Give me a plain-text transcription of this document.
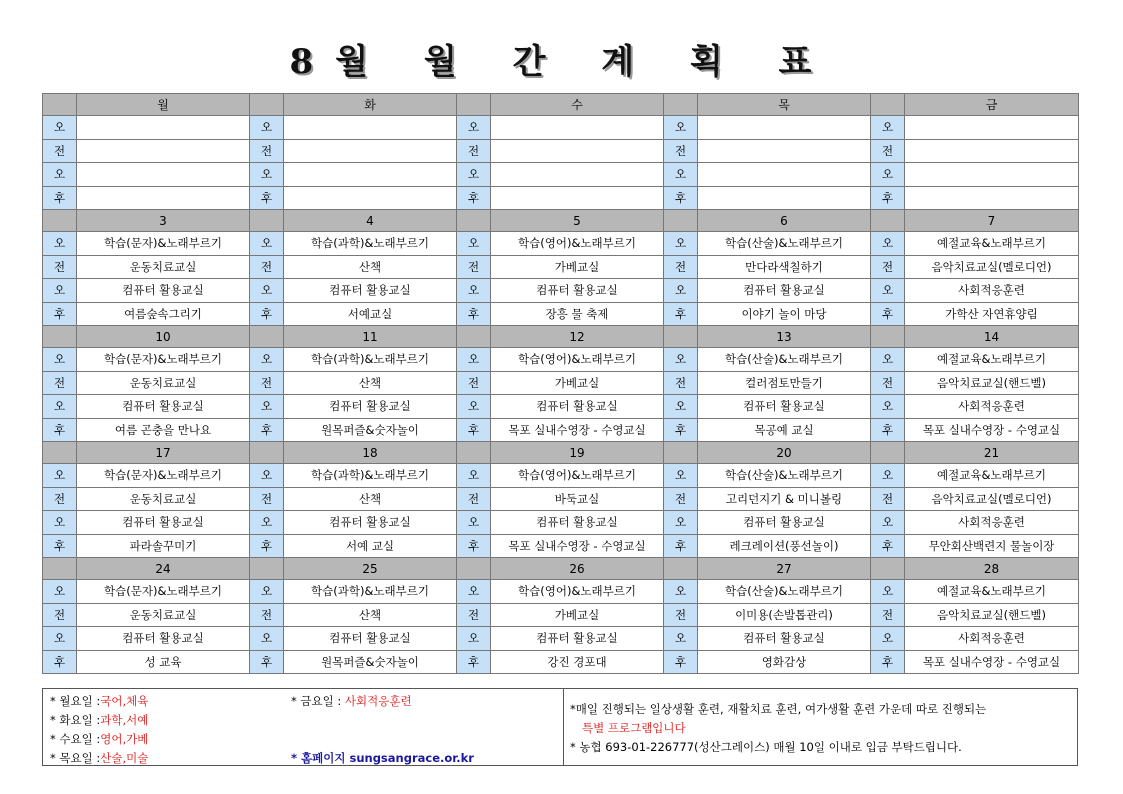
8월 월 간 계 획 표
	월		화		수		목		금
오		오		오		오		오	
전		전		전		전		전	
오		오		오		오		오	
후		후		후		후		후	
	3		4		5		6		7
오	학습(문자)&노래부르기	오	학습(과학)&노래부르기	오	학습(영어)&노래부르기	오	학습(산술)&노래부르기	오	예절교육&노래부르기
전	운동치료교실	전	산책	전	가베교실	전	만다라색칠하기	전	음악치료교실(멜로디언)
오	컴퓨터 활용교실	오	컴퓨터 활용교실	오	컴퓨터 활용교실	오	컴퓨터 활용교실	오	사회적응훈련
후	여름숲속그리기	후	서예교실	후	장흥 물 축제	후	이야기 놀이 마당	후	가학산 자연휴양림
	10		11		12		13		14
오	학습(문자)&노래부르기	오	학습(과학)&노래부르기	오	학습(영어)&노래부르기	오	학습(산술)&노래부르기	오	예절교육&노래부르기
전	운동치료교실	전	산책	전	가베교실	전	컬러점토만들기	전	음악치료교실(핸드벨)
오	컴퓨터 활용교실	오	컴퓨터 활용교실	오	컴퓨터 활용교실	오	컴퓨터 활용교실	오	사회적응훈련
후	여름 곤충을 만나요	후	원목퍼즐&숫자놀이	후	목포 실내수영장 - 수영교실	후	목공예 교실	후	목포 실내수영장 - 수영교실
	17		18		19		20		21
오	학습(문자)&노래부르기	오	학습(과학)&노래부르기	오	학습(영어)&노래부르기	오	학습(산술)&노래부르기	오	예절교육&노래부르기
전	운동치료교실	전	산책	전	바둑교실	전	고리던지기 & 미니볼링	전	음악치료교실(멜로디언)
오	컴퓨터 활용교실	오	컴퓨터 활용교실	오	컴퓨터 활용교실	오	컴퓨터 활용교실	오	사회적응훈련
후	파라솔꾸미기	후	서예 교실	후	목포 실내수영장 - 수영교실	후	레크레이션(풍선놀이)	후	무안회산백련지 물놀이장
	24		25		26		27		28
오	학습(문자)&노래부르기	오	학습(과학)&노래부르기	오	학습(영어)&노래부르기	오	학습(산술)&노래부르기	오	예절교육&노래부르기
전	운동치료교실	전	산책	전	가베교실	전	이미용(손발톱관리)	전	음악치료교실(핸드벨)
오	컴퓨터 활용교실	오	컴퓨터 활용교실	오	컴퓨터 활용교실	오	컴퓨터 활용교실	오	사회적응훈련
후	성 교육	후	원목퍼즐&숫자놀이	후	강진 경포대	후	영화감상	후	목포 실내수영장 - 수영교실
* 월요일 :국어,체육
* 화요일 :과학,서예
* 수요일 :영어,가베
* 목요일 :산술,미술
* 금요일 : 사회적응훈련
* 홈페이지 sungsangrace.or.kr
*매일 진행되는 일상생활 훈련, 재활치료 훈련, 여가생활 훈련 가운데 따로 진행되는
특별 프로그램입니다
* 농협 693-01-226777(성산그레이스) 매월 10일 이내로 입금 부탁드립니다.
